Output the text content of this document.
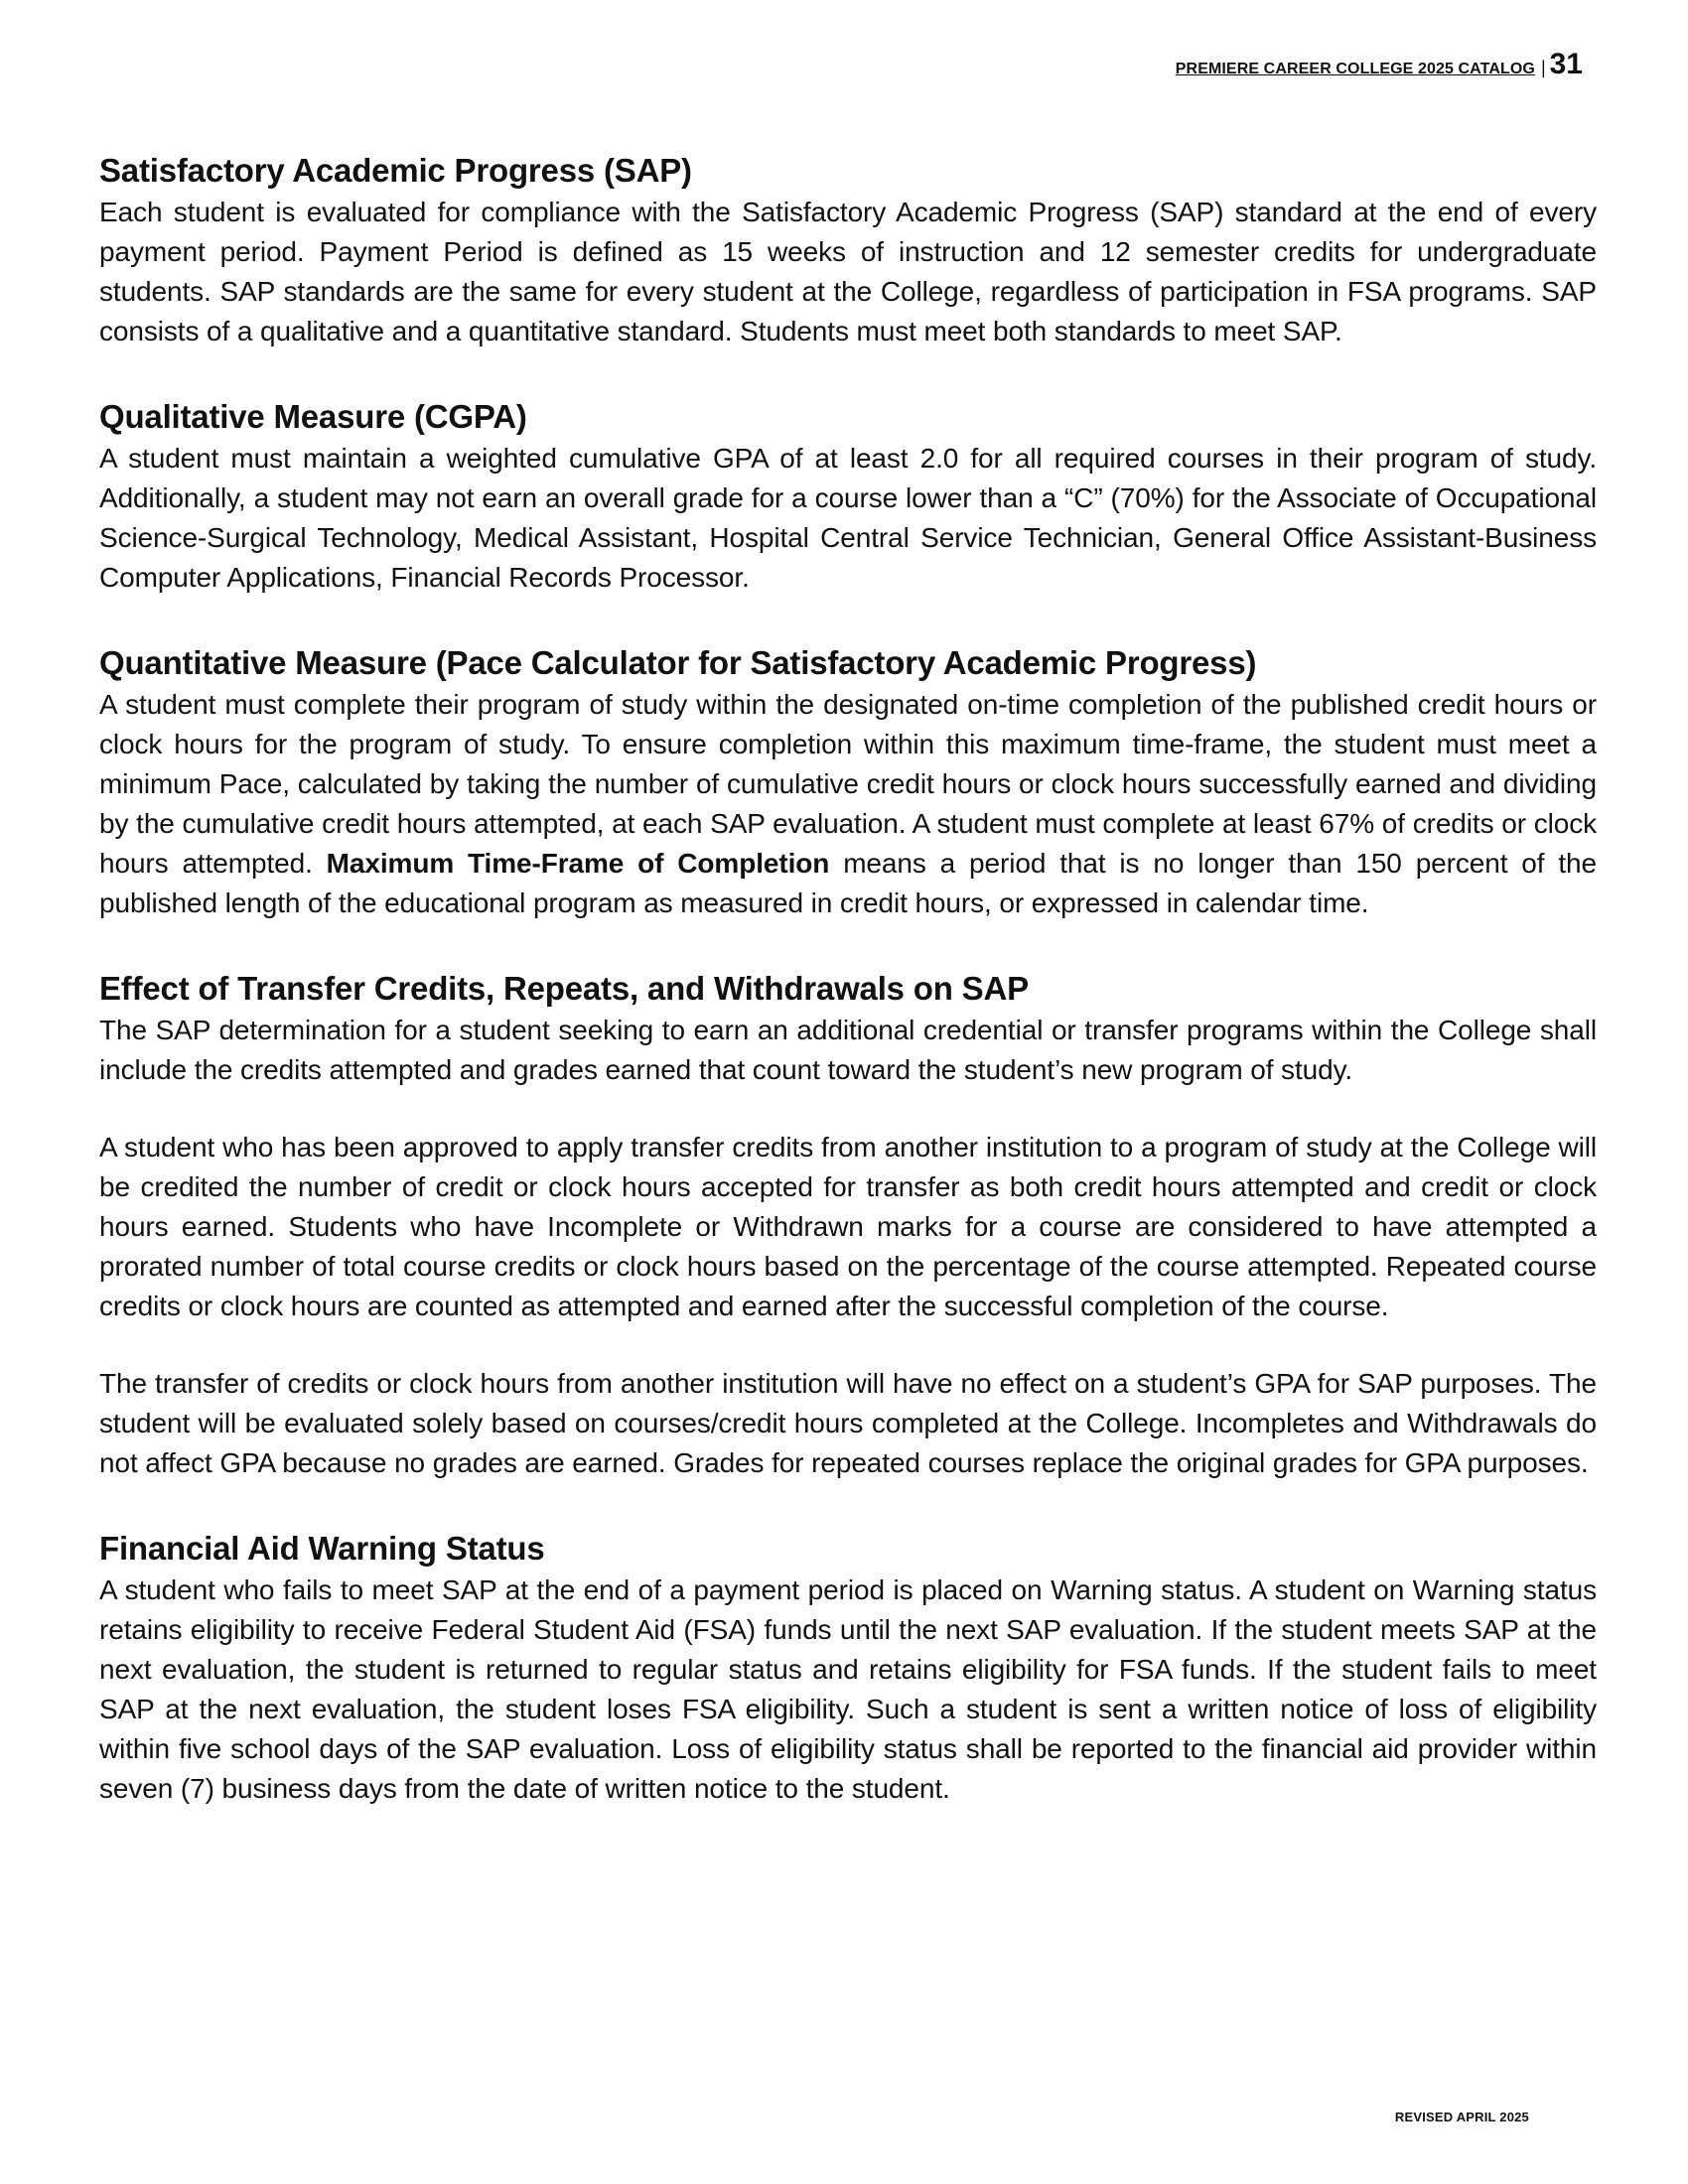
PREMIERE CAREER COLLEGE 2025 CATALOG | 31
Satisfactory Academic Progress (SAP)

Each student is evaluated for compliance with the Satisfactory Academic Progress (SAP) standard at the end of every payment period. Payment Period is defined as 15 weeks of instruction and 12 semester credits for undergraduate students. SAP standards are the same for every student at the College, regardless of participation in FSA programs. SAP consists of a qualitative and a quantitative standard. Students must meet both standards to meet SAP.

Qualitative Measure (CGPA)

A student must maintain a weighted cumulative GPA of at least 2.0 for all required courses in their program of study. Additionally, a student may not earn an overall grade for a course lower than a “C” (70%) for the Associate of Occupational Science-Surgical Technology, Medical Assistant, Hospital Central Service Technician, General Office Assistant-Business Computer Applications, Financial Records Processor.

Quantitative Measure (Pace Calculator for Satisfactory Academic Progress)

A student must complete their program of study within the designated on-time completion of the published credit hours or clock hours for the program of study. To ensure completion within this maximum time-frame, the student must meet a minimum Pace, calculated by taking the number of cumulative credit hours or clock hours successfully earned and dividing by the cumulative credit hours attempted, at each SAP evaluation. A student must complete at least 67% of credits or clock hours attempted. Maximum Time-Frame of Completion means a period that is no longer than 150 percent of the published length of the educational program as measured in credit hours, or expressed in calendar time.

Effect of Transfer Credits, Repeats, and Withdrawals on SAP

The SAP determination for a student seeking to earn an additional credential or transfer programs within the College shall include the credits attempted and grades earned that count toward the student’s new program of study.

A student who has been approved to apply transfer credits from another institution to a program of study at the College will be credited the number of credit or clock hours accepted for transfer as both credit hours attempted and credit or clock hours earned. Students who have Incomplete or Withdrawn marks for a course are considered to have attempted a prorated number of total course credits or clock hours based on the percentage of the course attempted. Repeated course credits or clock hours are counted as attempted and earned after the successful completion of the course.

The transfer of credits or clock hours from another institution will have no effect on a student’s GPA for SAP purposes. The student will be evaluated solely based on courses/credit hours completed at the College. Incompletes and Withdrawals do not affect GPA because no grades are earned. Grades for repeated courses replace the original grades for GPA purposes.

Financial Aid Warning Status

A student who fails to meet SAP at the end of a payment period is placed on Warning status. A student on Warning status retains eligibility to receive Federal Student Aid (FSA) funds until the next SAP evaluation. If the student meets SAP at the next evaluation, the student is returned to regular status and retains eligibility for FSA funds. If the student fails to meet SAP at the next evaluation, the student loses FSA eligibility. Such a student is sent a written notice of loss of eligibility within five school days of the SAP evaluation. Loss of eligibility status shall be reported to the financial aid provider within seven (7) business days from the date of written notice to the student.

REVISED APRIL 2025
